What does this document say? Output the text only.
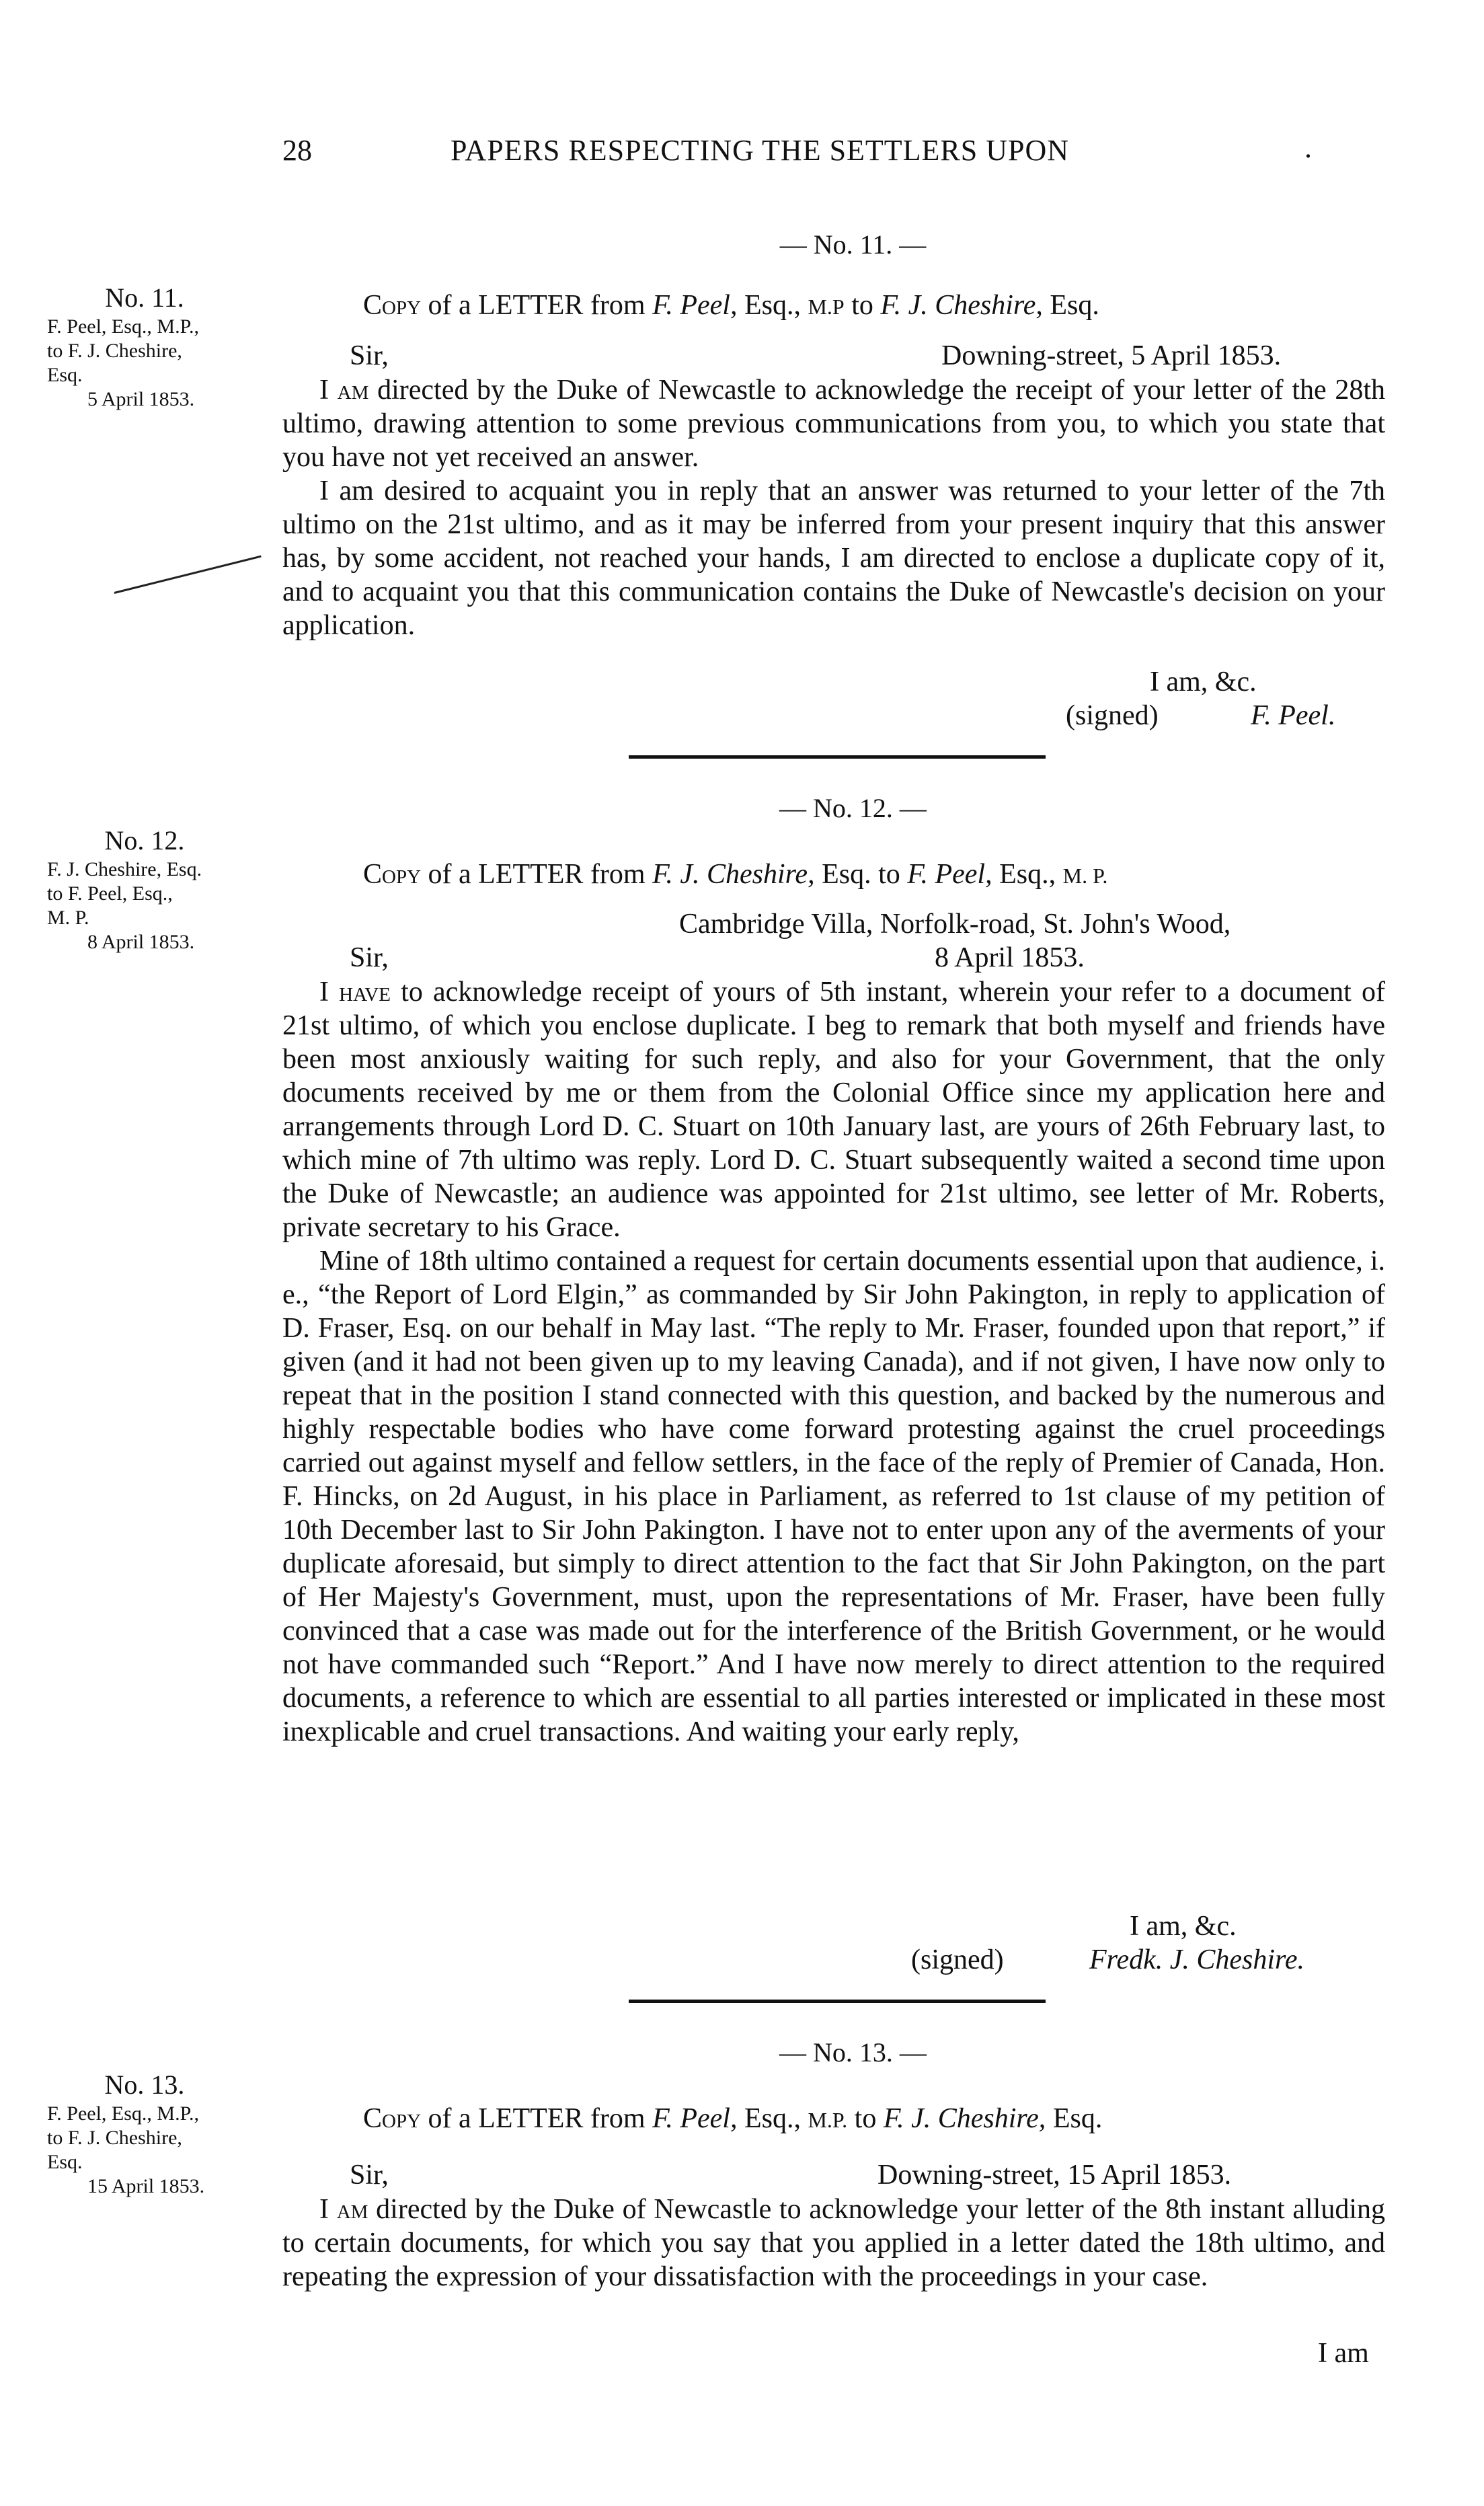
28	PAPERS RESPECTING THE SETTLERS UPON	.
— No. 11. —
No. 11.
F. Peel, Esq., M.P.,
to F. J. Cheshire,
Esq.
5 April 1853.
Copy of a LETTER from F. Peel, Esq., M.P to F. J. Cheshire, Esq.
Sir,	Downing-street, 5 April 1853.

I am directed by the Duke of Newcastle to acknowledge the receipt of your letter of the 28th ultimo, drawing attention to some previous communications from you, to which you state that you have not yet received an answer.

I am desired to acquaint you in reply that an answer was returned to your letter of the 7th ultimo on the 21st ultimo, and as it may be inferred from your present inquiry that this answer has, by some accident, not reached your hands, I am directed to enclose a duplicate copy of it, and to acquaint you that this communication contains the Duke of Newcastle's decision on your application.

I am, &c.
(signed)	F. Peel.
— No. 12. —
No. 12.
F. J. Cheshire, Esq.
to F. Peel, Esq.,
M. P.
8 April 1853.
Copy of a LETTER from F. J. Cheshire, Esq. to F. Peel, Esq., M. P.
Cambridge Villa, Norfolk-road, St. John's Wood,
Sir,	8 April 1853.

I have to acknowledge receipt of yours of 5th instant, wherein your refer to a document of 21st ultimo, of which you enclose duplicate. I beg to remark that both myself and friends have been most anxiously waiting for such reply, and also for your Government, that the only documents received by me or them from the Colonial Office since my application here and arrangements through Lord D. C. Stuart on 10th January last, are yours of 26th February last, to which mine of 7th ultimo was reply. Lord D. C. Stuart subsequently waited a second time upon the Duke of Newcastle; an audience was appointed for 21st ultimo, see letter of Mr. Roberts, private secretary to his Grace.

Mine of 18th ultimo contained a request for certain documents essential upon that audience, i. e., “the Report of Lord Elgin,” as commanded by Sir John Pakington, in reply to application of D. Fraser, Esq. on our behalf in May last. “The reply to Mr. Fraser, founded upon that report,” if given (and it had not been given up to my leaving Canada), and if not given, I have now only to repeat that in the position I stand connected with this question, and backed by the numerous and highly respectable bodies who have come forward protesting against the cruel proceedings carried out against myself and fellow settlers, in the face of the reply of Premier of Canada, Hon. F. Hincks, on 2d August, in his place in Parliament, as referred to 1st clause of my petition of 10th December last to Sir John Pakington. I have not to enter upon any of the averments of your duplicate aforesaid, but simply to direct attention to the fact that Sir John Pakington, on the part of Her Majesty's Government, must, upon the representations of Mr. Fraser, have been fully convinced that a case was made out for the interference of the British Government, or he would not have commanded such “Report.” And I have now merely to direct attention to the required documents, a reference to which are essential to all parties interested or implicated in these most inexplicable and cruel transactions. And waiting your early reply,

I am, &c.
(signed)	Fredk. J. Cheshire.
— No. 13. —
No. 13.
F. Peel, Esq., M.P.,
to F. J. Cheshire,
Esq.
15 April 1853.
Copy of a LETTER from F. Peel, Esq., M.P. to F. J. Cheshire, Esq.
Sir,	Downing-street, 15 April 1853.

I am directed by the Duke of Newcastle to acknowledge your letter of the 8th instant alluding to certain documents, for which you say that you applied in a letter dated the 18th ultimo, and repeating the expression of your dissatisfaction with the proceedings in your case.

I am
